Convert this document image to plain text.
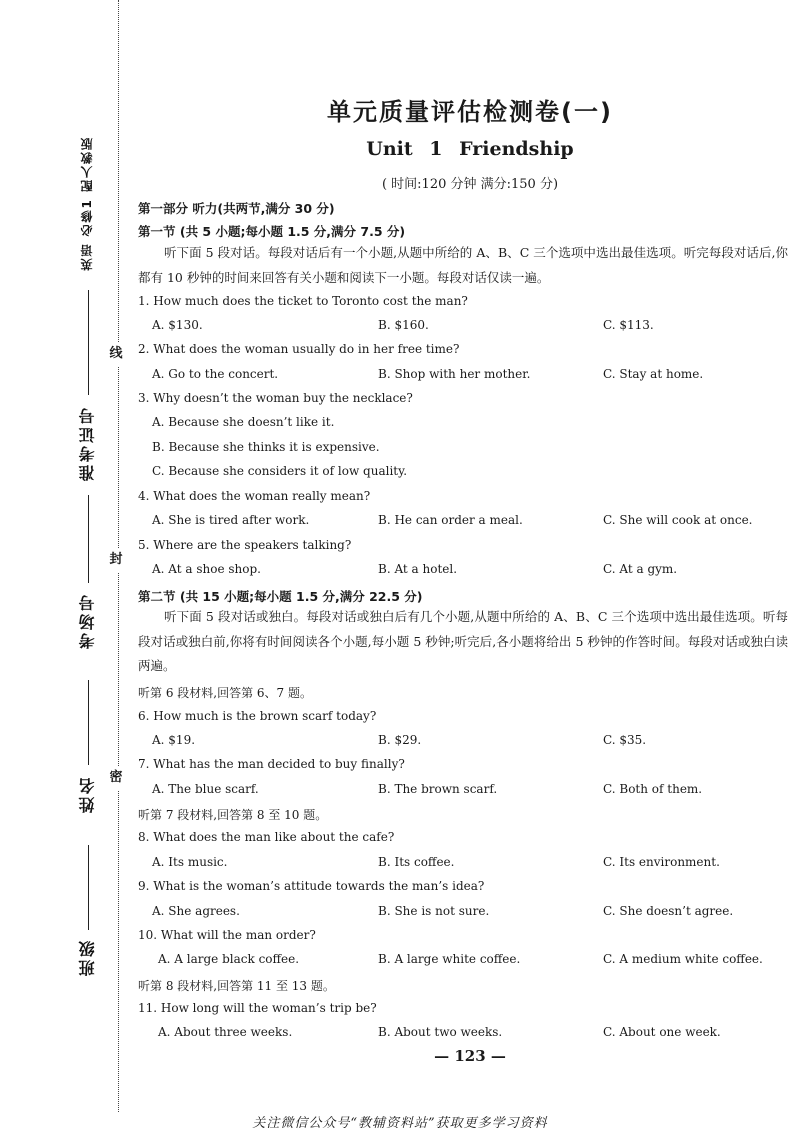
线
封
密
英语 必修1 配人教版
准考证号
考场号
姓名
班级
单元质量评估检测卷(一)
Unit 1 Friendship
( 时间:120 分钟 满分:150 分)
第一部分 听力(共两节,满分 30 分)
第一节 (共 5 小题;每小题 1.5 分,满分 7.5 分)
听下面 5 段对话。每段对话后有一个小题,从题中所给的 A、B、C 三个选项中选出最佳选项。听完每段对话后,你都有 10 秒钟的时间来回答有关小题和阅读下一小题。每段对话仅读一遍。
1. How much does the ticket to Toronto cost the man?
A. $130.	B. $160.	C. $113.
2. What does the woman usually do in her free time?
A. Go to the concert.	B. Shop with her mother.	C. Stay at home.
3. Why doesn’t the woman buy the necklace?
A. Because she doesn’t like it.
B. Because she thinks it is expensive.
C. Because she considers it of low quality.
4. What does the woman really mean?
A. She is tired after work.	B. He can order a meal.	C. She will cook at once.
5. Where are the speakers talking?
A. At a shoe shop.	B. At a hotel.	C. At a gym.
第二节 (共 15 小题;每小题 1.5 分,满分 22.5 分)
听下面 5 段对话或独白。每段对话或独白后有几个小题,从题中所给的 A、B、C 三个选项中选出最佳选项。听每段对话或独白前,你将有时间阅读各个小题,每小题 5 秒钟;听完后,各小题将给出 5 秒钟的作答时间。每段对话或独白读两遍。
听第 6 段材料,回答第 6、7 题。
6. How much is the brown scarf today?
A. $19.	B. $29.	C. $35.
7. What has the man decided to buy finally?
A. The blue scarf.	B. The brown scarf.	C. Both of them.
听第 7 段材料,回答第 8 至 10 题。
8. What does the man like about the cafe?
A. Its music.	B. Its coffee.	C. Its environment.
9. What is the woman’s attitude towards the man’s idea?
A. She agrees.	B. She is not sure.	C. She doesn’t agree.
10. What will the man order?
A. A large black coffee.	B. A large white coffee.	C. A medium white coffee.
听第 8 段材料,回答第 11 至 13 题。
11. How long will the woman’s trip be?
A. About three weeks.	B. About two weeks.	C. About one week.
— 123 —
关注微信公众号“教辅资料站”获取更多学习资料
